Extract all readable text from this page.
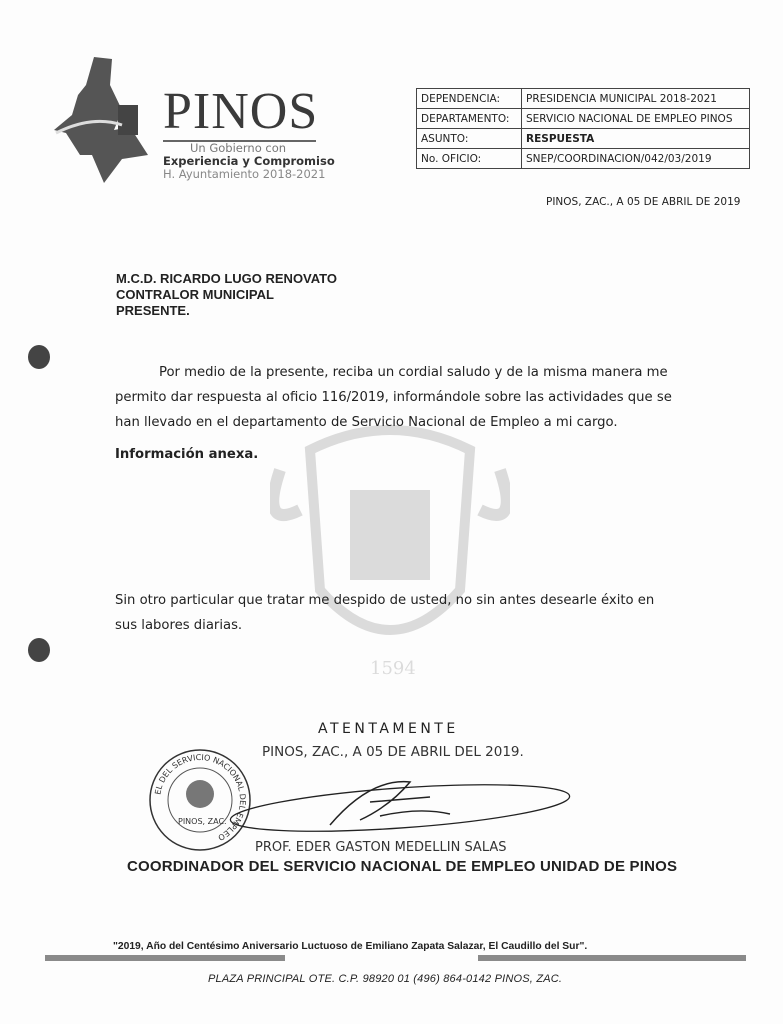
1594
PINOS
Un Gobierno con
Experiencia y Compromiso
H. Ayuntamiento 2018-2021
DEPENDENCIA:	PRESIDENCIA MUNICIPAL 2018-2021
DEPARTAMENTO:	SERVICIO NACIONAL DE EMPLEO PINOS
ASUNTO:	RESPUESTA
No. OFICIO:	SNEP/COORDINACION/042/03/2019
PINOS, ZAC., A 05 DE ABRIL DE 2019
M.C.D. RICARDO LUGO RENOVATO
CONTRALOR MUNICIPAL
PRESENTE.
Por medio de la presente, reciba un cordial saludo y de la misma manera me permito dar respuesta al oficio 116/2019, informándole sobre las actividades que se han llevado en el departamento de Servicio Nacional de Empleo a mi cargo.
Información anexa.
Sin otro particular que tratar me despido de usted, no sin antes desearle éxito en sus labores diarias.
ATENTAMENTE
PINOS, ZAC., A 05 DE ABRIL DEL 2019.
EL DEL SERVICIO NACIONAL DEL EMPLEO
PINOS, ZAC.
PROF. EDER GASTON MEDELLIN SALAS
COORDINADOR DEL SERVICIO NACIONAL DE EMPLEO UNIDAD DE PINOS
"2019, Año del Centésimo Aniversario Luctuoso de Emiliano Zapata Salazar, El Caudillo del Sur".
PLAZA PRINCIPAL OTE. C.P. 98920 01 (496) 864-0142 PINOS, ZAC.
